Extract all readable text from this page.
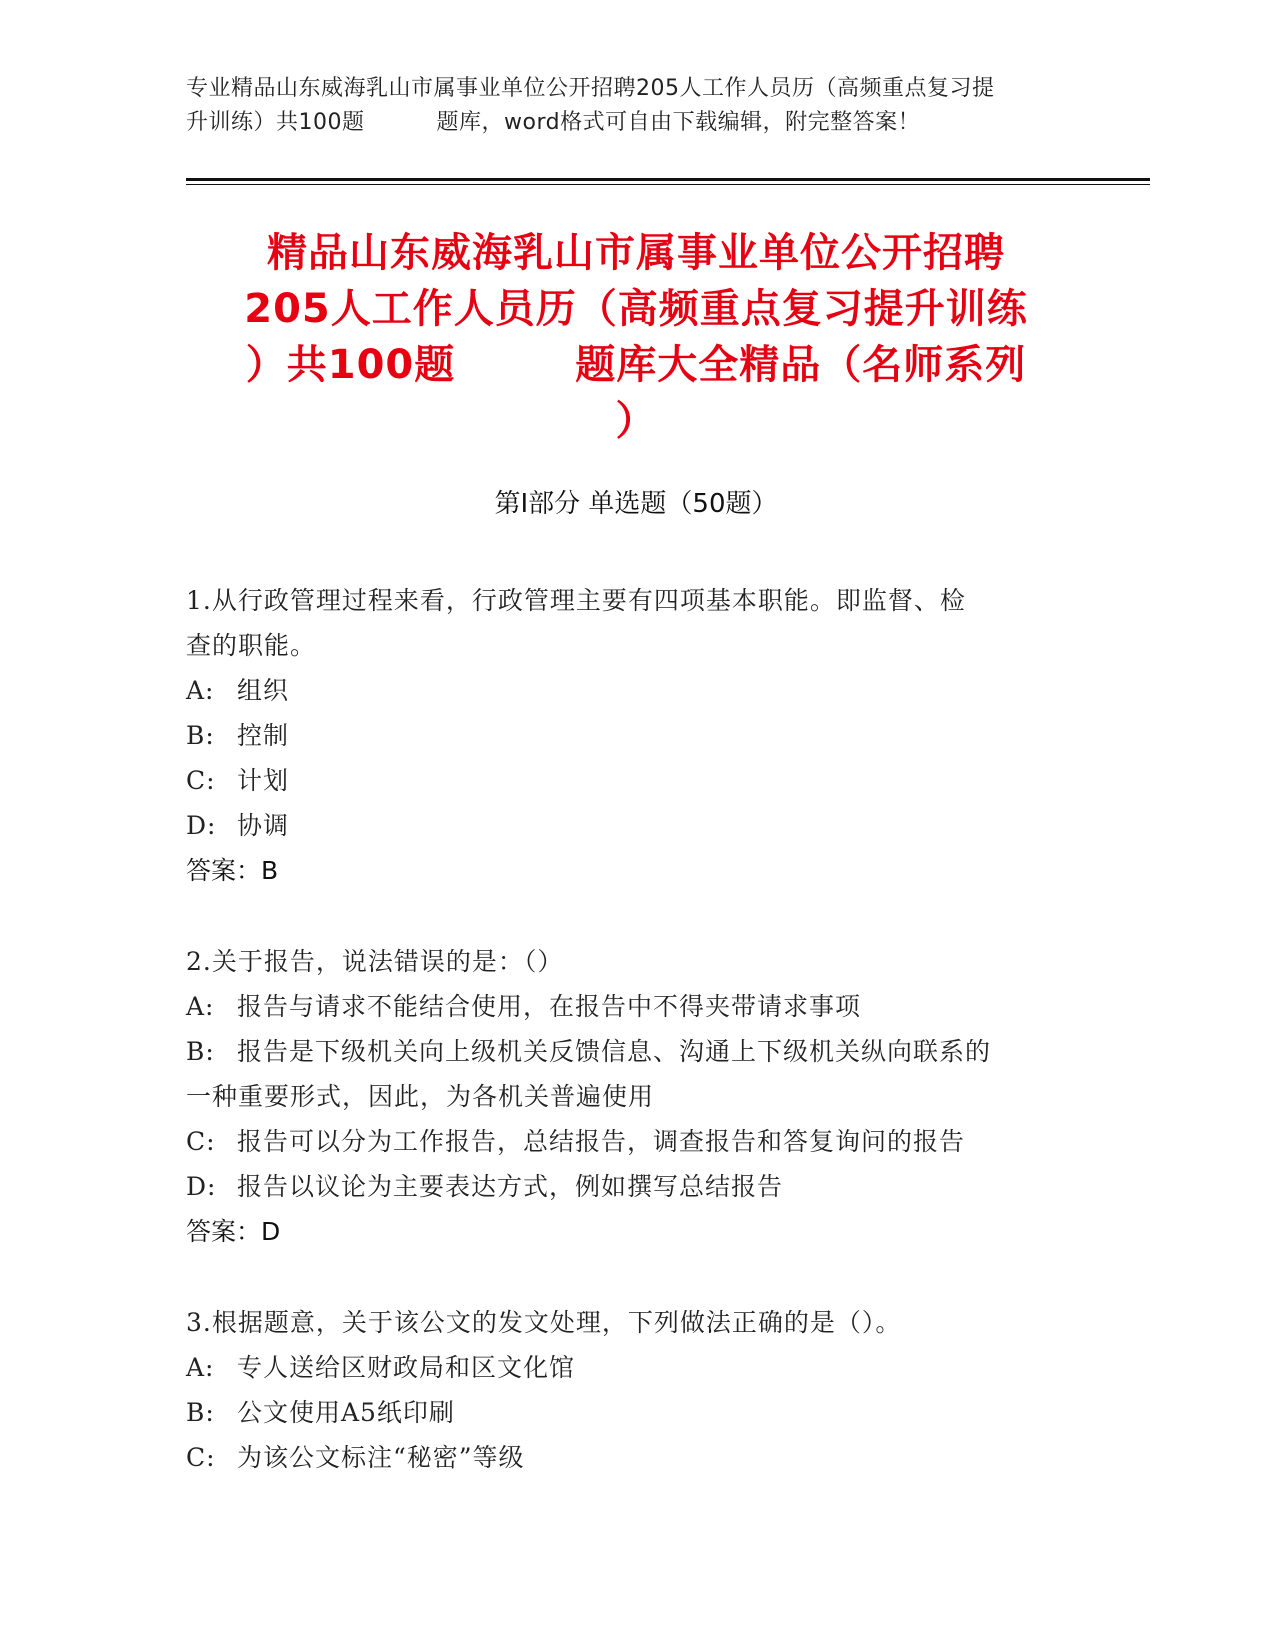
专业精品山东威海乳山市属事业单位公开招聘205人工作人员历（高频重点复习提
升训练）共100题	题库，word格式可自由下载编辑，附完整答案！
精品山东威海乳山市属事业单位公开招聘
205人工作人员历（高频重点复习提升训练
）共100题	题库大全精品（名师系列
）
第Ⅰ部分 单选题（50题）

1.从行政管理过程来看，行政管理主要有四项基本职能。即监督、检

查的职能。

A: 组织

B: 控制

C: 计划

D: 协调

答案：B

2.关于报告，说法错误的是：（）

A: 报告与请求不能结合使用，在报告中不得夹带请求事项

B: 报告是下级机关向上级机关反馈信息、沟通上下级机关纵向联系的

一种重要形式，因此，为各机关普遍使用

C: 报告可以分为工作报告，总结报告，调查报告和答复询问的报告

D: 报告以议论为主要表达方式，例如撰写总结报告

答案：D

3.根据题意，关于该公文的发文处理，下列做法正确的是（）。

A: 专人送给区财政局和区文化馆

B: 公文使用A5纸印刷

C: 为该公文标注“秘密”等级
